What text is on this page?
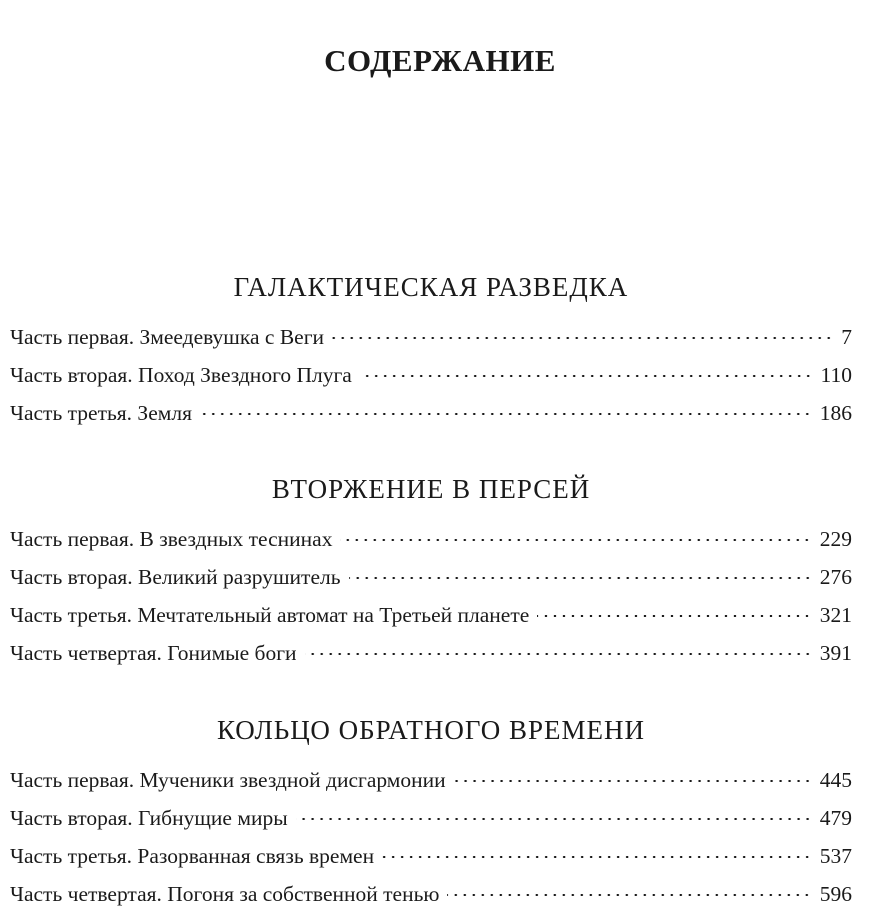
СОДЕРЖАНИЕ
ГАЛАКТИЧЕСКАЯ РАЗВЕДКА
Часть первая. Змеедевушка с Веги	7
Часть вторая. Поход Звездного Плуга	110
Часть третья. Земля	186
ВТОРЖЕНИЕ В ПЕРСЕЙ
Часть первая. В звездных теснинах	229
Часть вторая. Великий разрушитель	276
Часть третья. Мечтательный автомат на Третьей планете	321
Часть четвертая. Гонимые боги	391
КОЛЬЦО ОБРАТНОГО ВРЕМЕНИ
Часть первая. Мученики звездной дисгармонии	445
Часть вторая. Гибнущие миры	479
Часть третья. Разорванная связь времен	537
Часть четвертая. Погоня за собственной тенью	596
